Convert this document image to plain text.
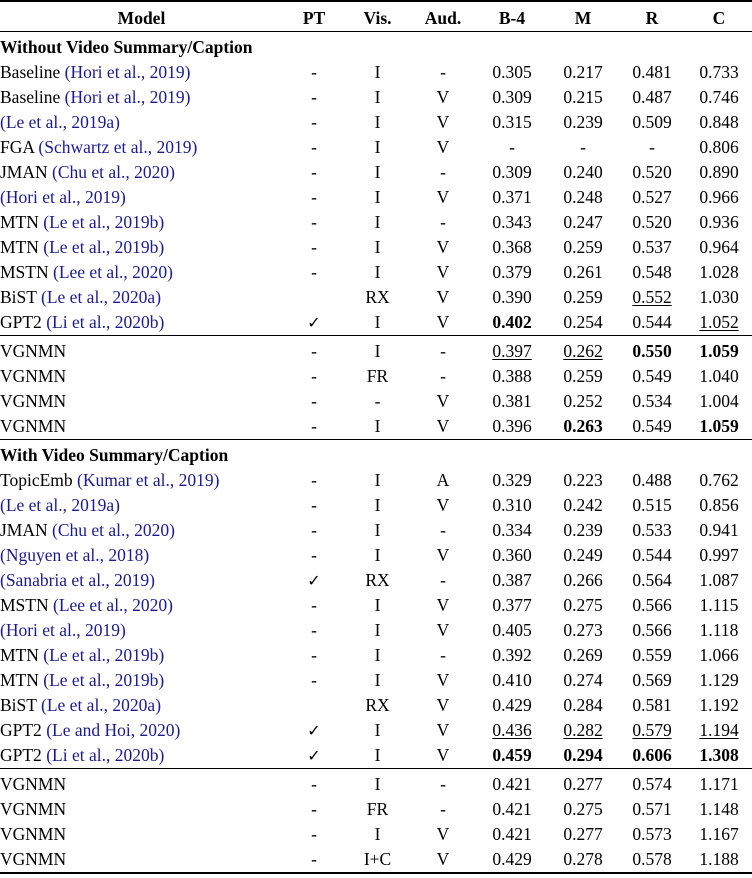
Model	PT	Vis.	Aud.	B-4	M	R	C

Without Video Summary/Caption							
Baseline (Hori et al., 2019)	-	I	-	0.305	0.217	0.481	0.733
Baseline (Hori et al., 2019)	-	I	V	0.309	0.215	0.487	0.746
(Le et al., 2019a)	-	I	V	0.315	0.239	0.509	0.848
FGA (Schwartz et al., 2019)	-	I	V	-	-	-	0.806
JMAN (Chu et al., 2020)	-	I	-	0.309	0.240	0.520	0.890
(Hori et al., 2019)	-	I	V	0.371	0.248	0.527	0.966
MTN (Le et al., 2019b)	-	I	-	0.343	0.247	0.520	0.936
MTN (Le et al., 2019b)	-	I	V	0.368	0.259	0.537	0.964
MSTN (Lee et al., 2020)	-	I	V	0.379	0.261	0.548	1.028
BiST (Le et al., 2020a)		RX	V	0.390	0.259	0.552	1.030
GPT2 (Li et al., 2020b)	✓	I	V	0.402	0.254	0.544	1.052

VGNMN	-	I	-	0.397	0.262	0.550	1.059
VGNMN	-	FR	-	0.388	0.259	0.549	1.040
VGNMN	-	-	V	0.381	0.252	0.534	1.004
VGNMN	-	I	V	0.396	0.263	0.549	1.059

With Video Summary/Caption							
TopicEmb (Kumar et al., 2019)	-	I	A	0.329	0.223	0.488	0.762
(Le et al., 2019a)	-	I	V	0.310	0.242	0.515	0.856
JMAN (Chu et al., 2020)	-	I	-	0.334	0.239	0.533	0.941
(Nguyen et al., 2018)	-	I	V	0.360	0.249	0.544	0.997
(Sanabria et al., 2019)	✓	RX	-	0.387	0.266	0.564	1.087
MSTN (Lee et al., 2020)	-	I	V	0.377	0.275	0.566	1.115
(Hori et al., 2019)	-	I	V	0.405	0.273	0.566	1.118
MTN (Le et al., 2019b)	-	I	-	0.392	0.269	0.559	1.066
MTN (Le et al., 2019b)	-	I	V	0.410	0.274	0.569	1.129
BiST (Le et al., 2020a)		RX	V	0.429	0.284	0.581	1.192
GPT2 (Le and Hoi, 2020)	✓	I	V	0.436	0.282	0.579	1.194
GPT2 (Li et al., 2020b)	✓	I	V	0.459	0.294	0.606	1.308

VGNMN	-	I	-	0.421	0.277	0.574	1.171
VGNMN	-	FR	-	0.421	0.275	0.571	1.148
VGNMN	-	I	V	0.421	0.277	0.573	1.167
VGNMN	-	I+C	V	0.429	0.278	0.578	1.188
